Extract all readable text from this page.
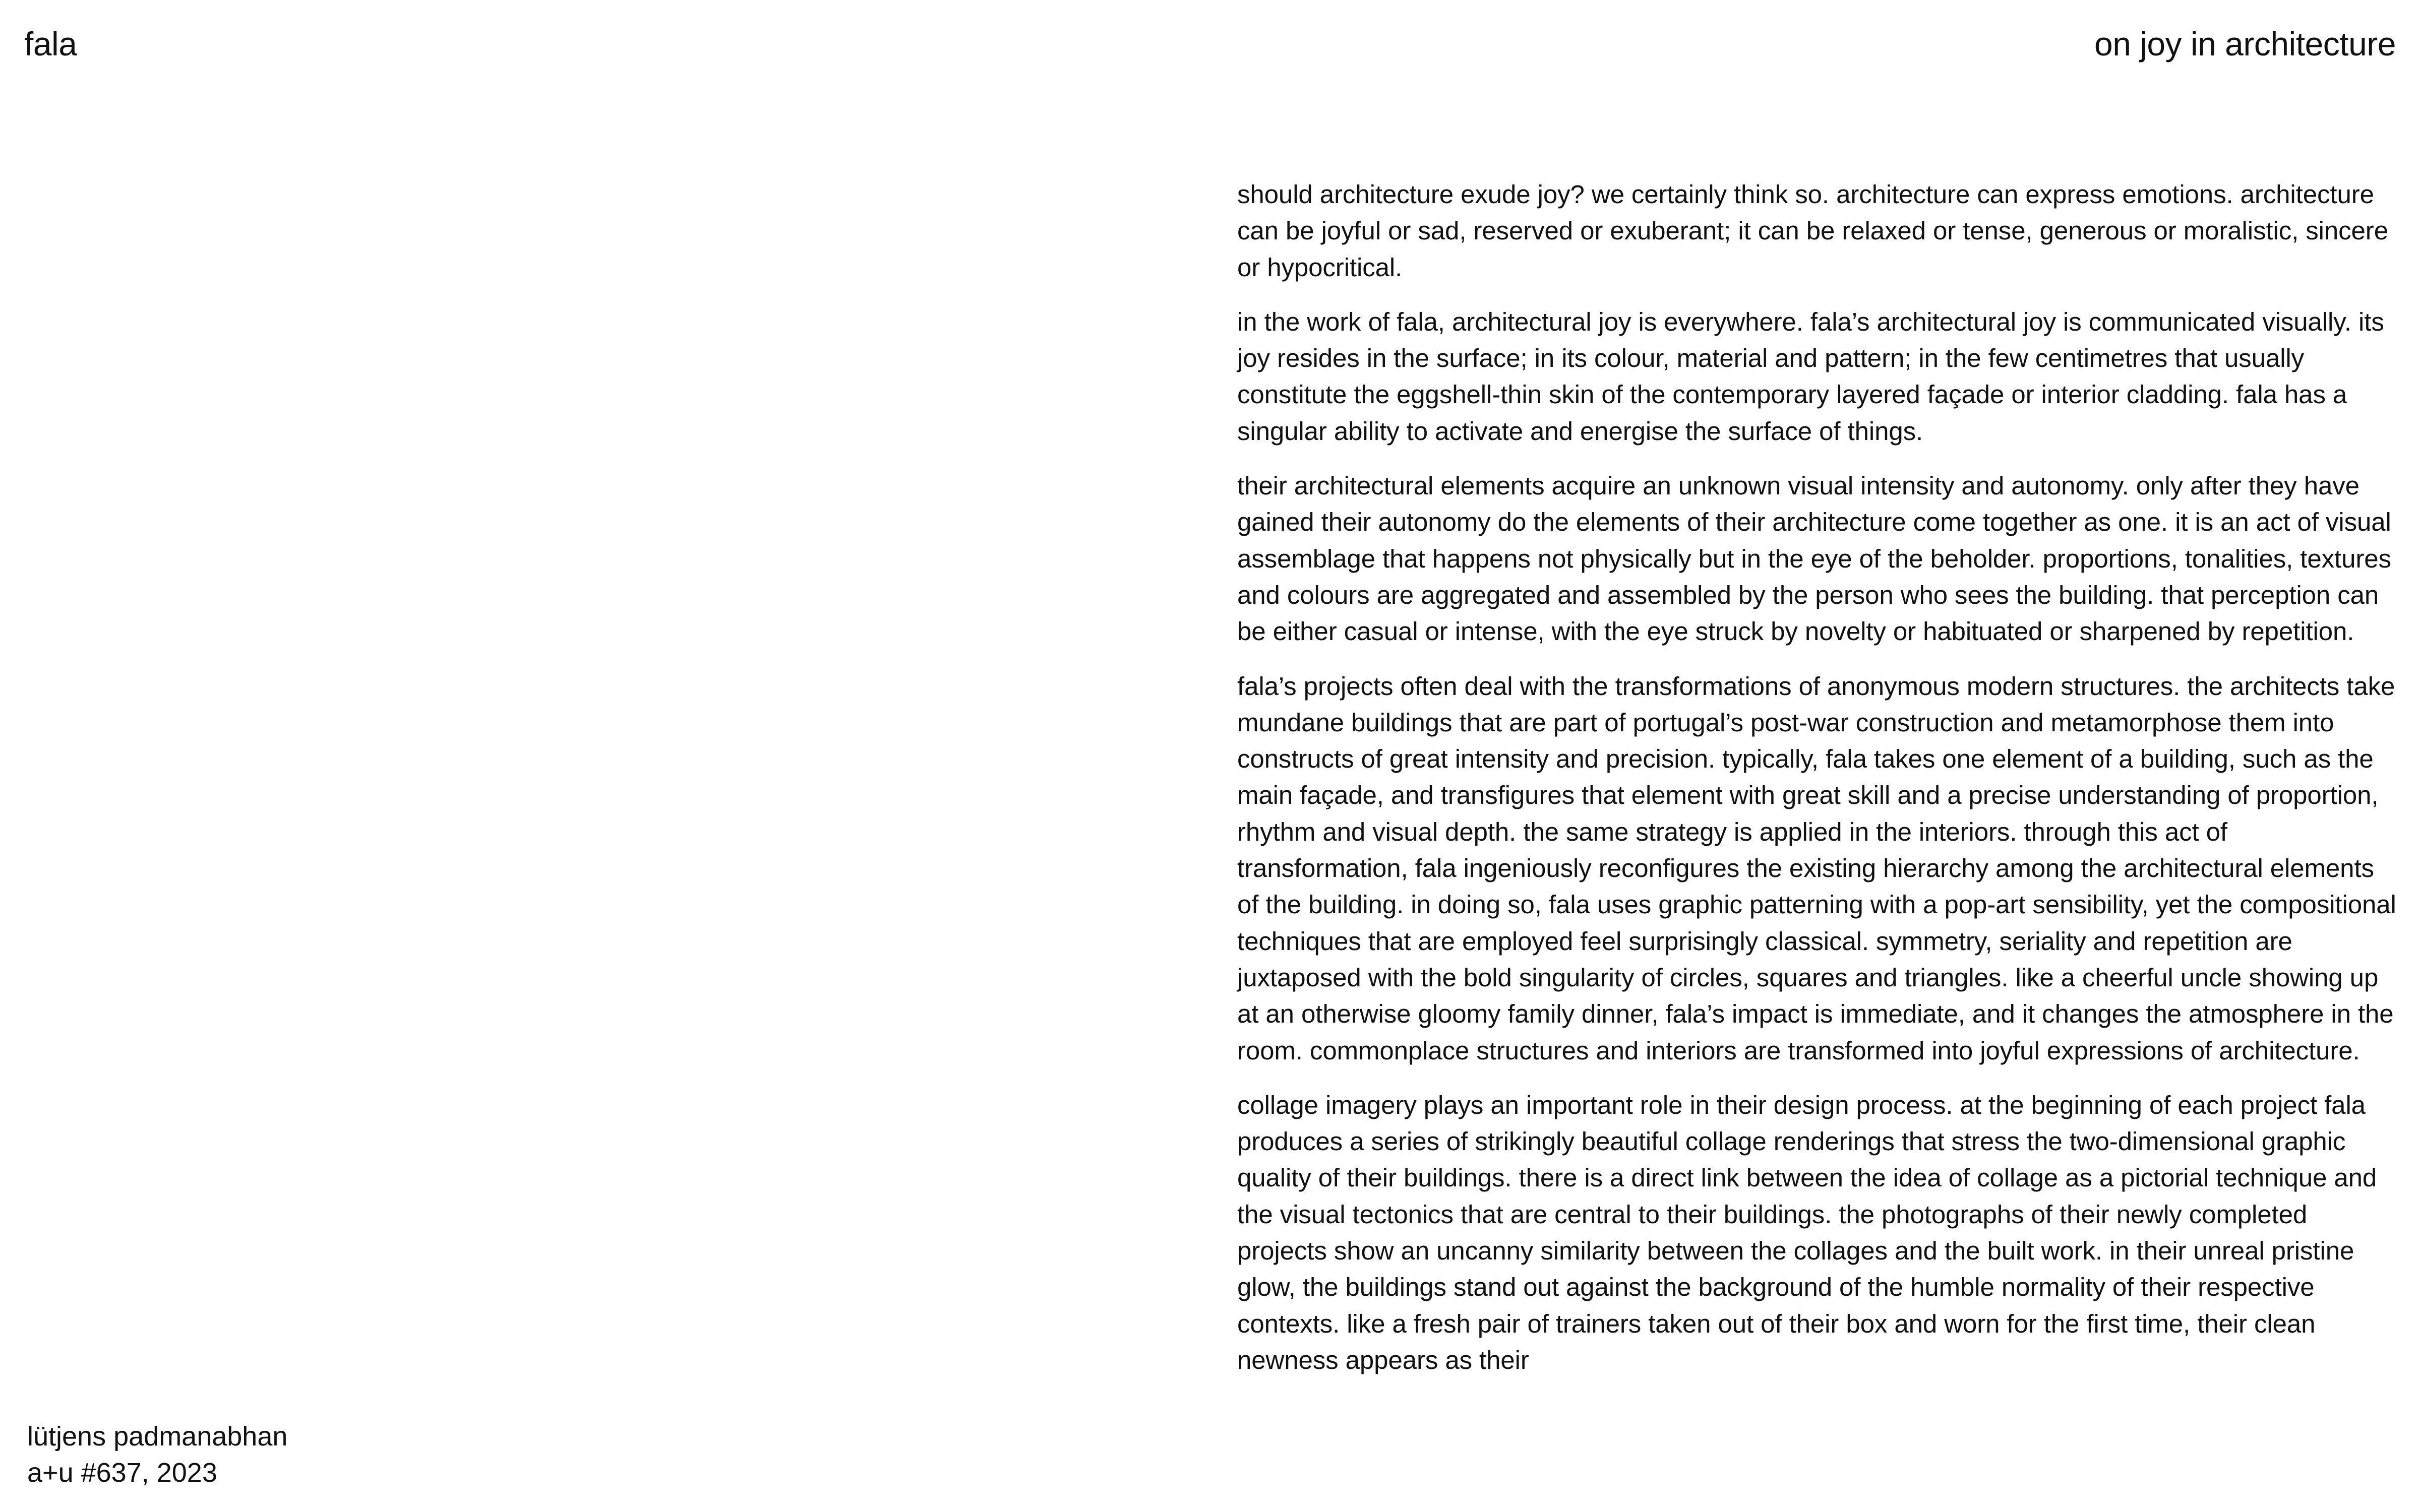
fala	on joy in architecture

should architecture exude joy? we certainly think so. architecture can express emotions. architecture can be joyful or sad, reserved or exuberant; it can be relaxed or tense, generous or moralistic, sincere or hypocritical.

in the work of fala, architectural joy is everywhere. fala’s architectural joy is communicated visually. its joy resides in the surface; in its colour, material and pattern; in the few centimetres that usually constitute the eggshell-thin skin of the contemporary layered façade or interior cladding. fala has a singular ability to activate and energise the surface of things.

their architectural elements acquire an unknown visual intensity and autonomy. only after they have gained their autonomy do the elements of their architecture come together as one. it is an act of visual assemblage that happens not physically but in the eye of the beholder. proportions, tonalities, textures and colours are aggregated and assembled by the person who sees the building. that perception can be either casual or intense, with the eye struck by novelty or habituated or sharpened by repetition.

fala’s projects often deal with the transformations of anonymous modern structures. the architects take mundane buildings that are part of portugal’s post-war construction and metamorphose them into constructs of great intensity and precision. typically, fala takes one element of a building, such as the main façade, and transfigures that element with great skill and a precise understanding of proportion, rhythm and visual depth. the same strategy is applied in the interiors. through this act of transformation, fala ingeniously reconfigures the existing hierarchy among the architectural elements of the building. in doing so, fala uses graphic patterning with a pop-art sensibility, yet the compositional techniques that are employed feel surprisingly classical. symmetry, seriality and repetition are juxtaposed with the bold singularity of circles, squares and triangles. like a cheerful uncle showing up at an otherwise gloomy family dinner, fala’s impact is immediate, and it changes the atmosphere in the room. commonplace structures and interiors are transformed into joyful expressions of architecture.

collage imagery plays an important role in their design process. at the beginning of each project fala produces a series of strikingly beautiful collage renderings that stress the two-dimensional graphic quality of their buildings. there is a direct link between the idea of collage as a pictorial technique and the visual tectonics that are central to their buildings. the photographs of their newly completed projects show an uncanny similarity between the collages and the built work. in their unreal pristine glow, the buildings stand out against the background of the humble normality of their respective contexts. like a fresh pair of trainers taken out of their box and worn for the first time, their clean newness appears as their

lütjens padmanabhan
a+u #637, 2023
